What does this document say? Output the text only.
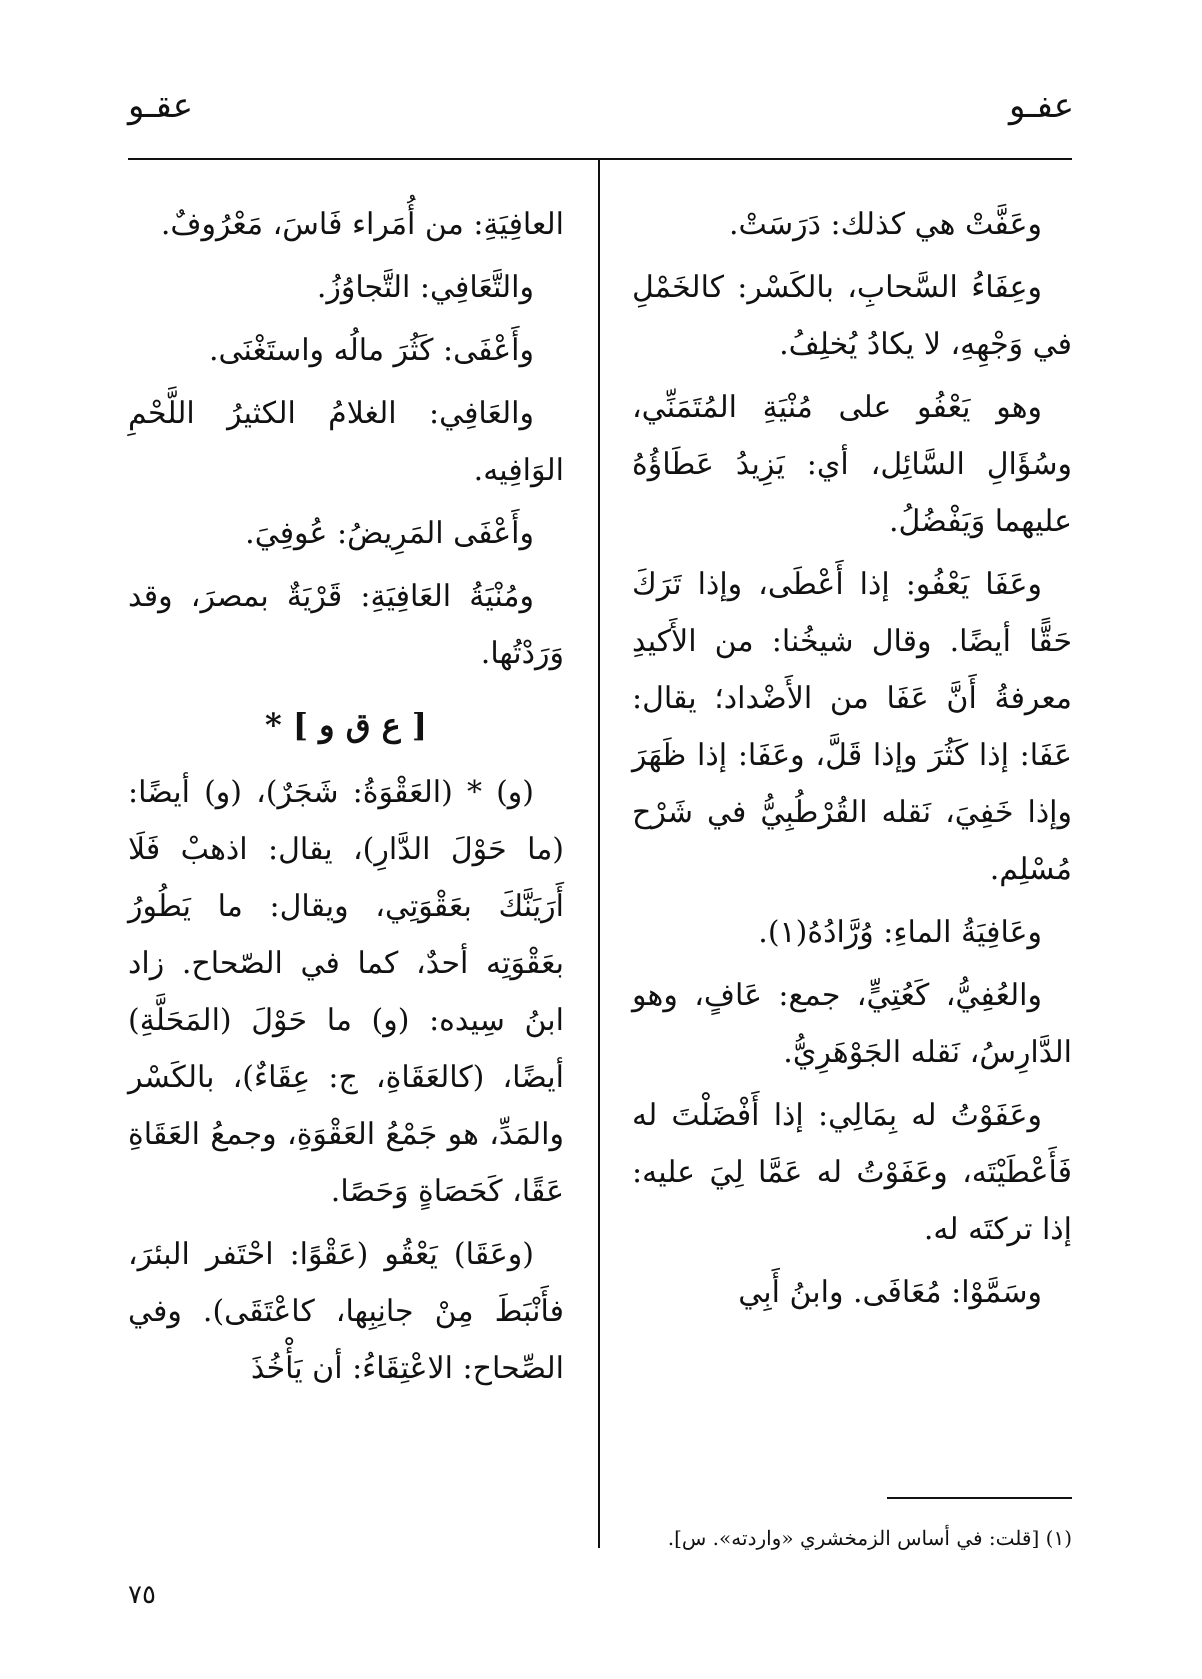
عفـو
عقـو

وعَفَّتْ هي كذلك: دَرَسَتْ.

وعِفَاءُ السَّحابِ، بالكَسْر: كالخَمْلِ في وَجْهِهِ، لا يكادُ يُخلِفُ.

وهو يَعْفُو على مُنْيَةِ المُتَمَنِّي، وسُؤَالِ السَّائِل، أي: يَزِيدُ عَطَاؤُهُ عليهما وَيَفْضُلُ.

وعَفَا يَعْفُو: إذا أَعْطَى، وإذا تَرَكَ حَقًّا أيضًا. وقال شيخُنا: من الأَكيدِ معرفةُ أَنَّ عَفَا من الأَضْداد؛ يقال: عَفَا: إذا كَثُرَ وإذا قَلَّ، وعَفَا: إذا ظَهَرَ وإذا خَفِيَ، نَقله القُرْطُبِيُّ في شَرْح مُسْلِم.

وعَافِيَةُ الماءِ: وُرَّادُهُ(١).

والعُفِيُّ، كَعُتِيٍّ، جمع: عَافٍ، وهو الدَّارِسُ، نَقله الجَوْهَرِيُّ.

وعَفَوْتُ له بِمَالِي: إذا أَفْضَلْتَ له فَأَعْطَيْتَه، وعَفَوْتُ له عَمَّا لِيَ عليه: إذا تركتَه له.

وسَمَّوْا: مُعَافَى. وابنُ أَبِي

العافِيَةِ: من أُمَراء فَاسَ، مَعْرُوفٌ.

والتَّعَافِي: التَّجاوُزُ.

وأَعْفَى: كَثُرَ مالُه واستَغْنَى.

والعَافِي: الغلامُ الكثيرُ اللَّحْمِ الوَافِيه.

وأَعْفَى المَرِيضُ: عُوفِيَ.

ومُنْيَةُ العَافِيَةِ: قَرْيَةٌ بمصرَ، وقد وَرَدْتُها.

[ ع ق و ] *

(و) * (العَقْوَةُ: شَجَرٌ)، (و) أيضًا: (ما حَوْلَ الدَّارِ)، يقال: اذهبْ فَلَا أَرَيَنَّكَ بعَقْوَتِي، ويقال: ما يَطُورُ بعَقْوَتِه أحدٌ، كما في الصّحاح. زاد ابنُ سِيده: (و) ما حَوْلَ (المَحَلَّةِ) أيضًا، (كالعَقَاةِ، ج: عِقَاءٌ)، بالكَسْر والمَدِّ، هو جَمْعُ العَقْوَةِ، وجمعُ العَقَاةِ عَقًا، كَحَصَاةٍ وَحَصًا.

(وعَقَا) يَعْقُو (عَقْوًا: احْتَفر البئرَ، فأَنْبَطَ مِنْ جانِبِها، كاعْتَقَى). وفي الصِّحاح: الاعْتِقَاءُ: أن يَأْخُذَ

(١) [قلت: في أساس الزمخشري «واردته». س].
٧٥
